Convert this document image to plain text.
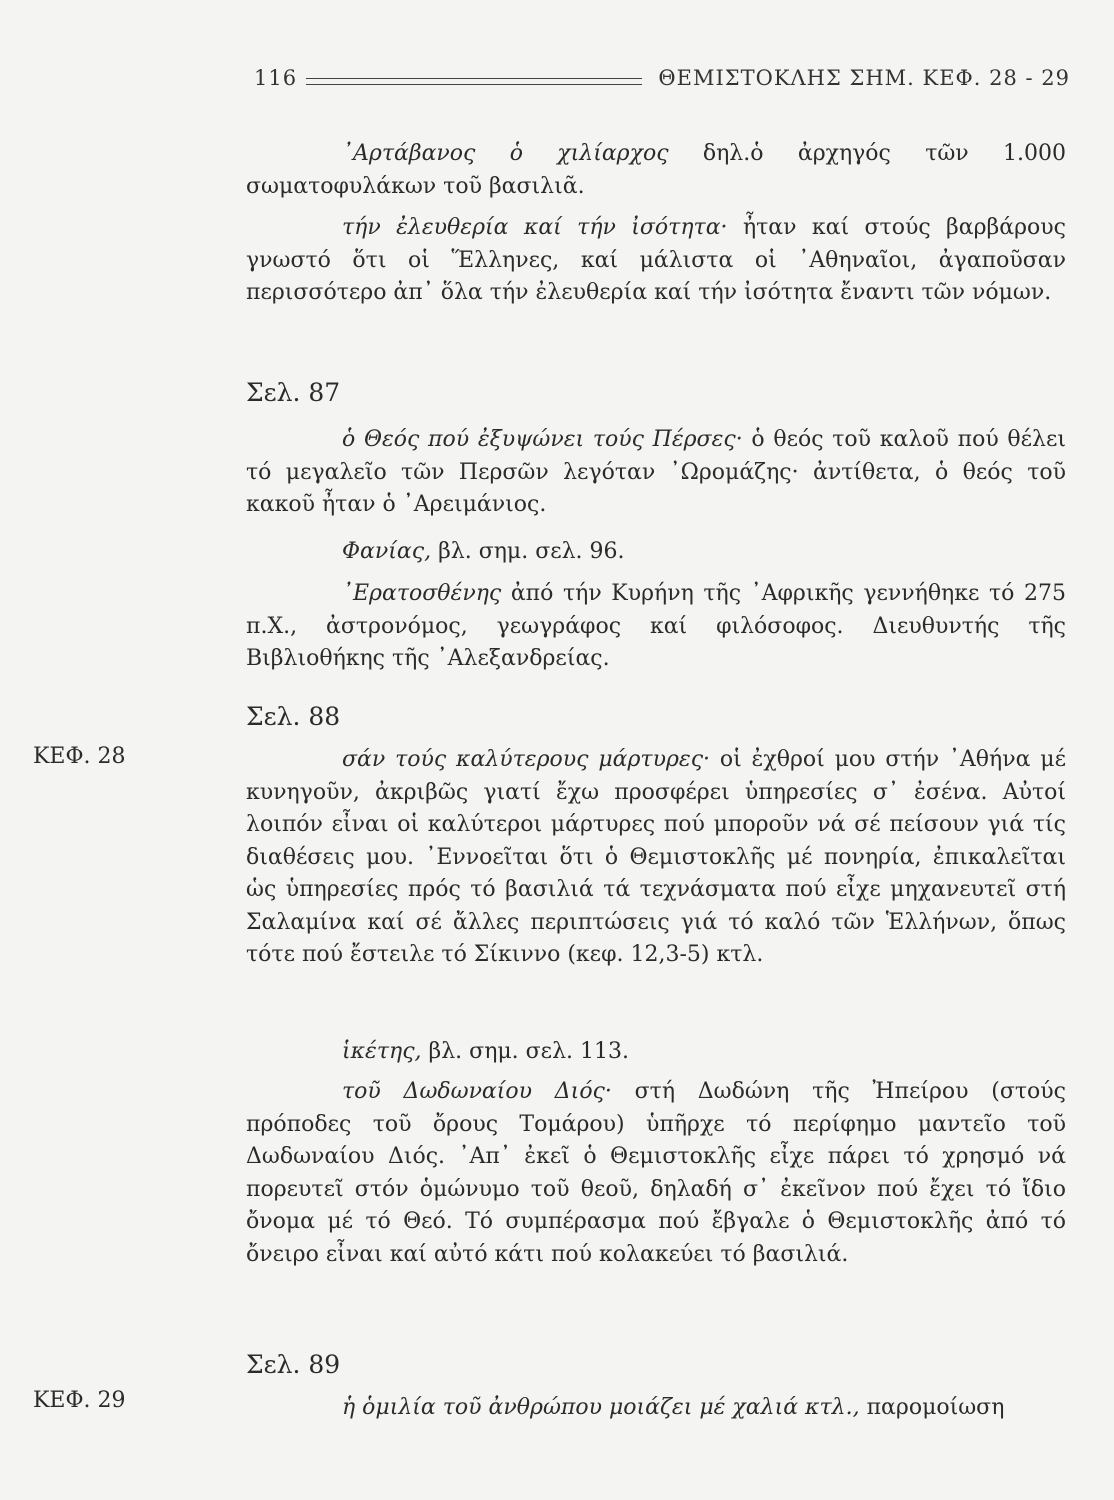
116	ΘΕΜΙΣΤΟΚΛΗΣ ΣΗΜ. ΚΕΦ. 28 - 29

᾿Αρτάβανος ὁ χιλίαρχος δηλ.ὁ ἀρχηγός τῶν 1.000 σωματοφυλάκων τοῦ βασιλιᾶ.

τήν ἐλευθερία καί τήν ἰσότητα· ἦταν καί στούς βαρβάρους γνωστό ὅτι οἱ Ἕλληνες, καί μάλιστα οἱ ᾿Αθηναῖοι, ἀγαποῦσαν περισσότερο ἀπ᾿ ὅλα τήν ἐλευθερία καί τήν ἰσότητα ἔναντι τῶν νόμων.

Σελ. 87

ὁ Θεός πού ἐξυψώνει τούς Πέρσες· ὁ θεός τοῦ καλοῦ πού θέλει τό μεγαλεῖο τῶν Περσῶν λεγόταν ᾿Ωρομάζης· ἀντίθετα, ὁ θεός τοῦ κακοῦ ἦταν ὁ ᾿Αρειμάνιος.

Φανίας, βλ. σημ. σελ. 96.

᾿Ερατοσθένης ἀπό τήν Κυρήνη τῆς ᾿Αφρικῆς γεννήθηκε τό 275 π.Χ., ἀστρονόμος, γεωγράφος καί φιλόσοφος. Διευθυντής τῆς Βιβλιοθήκης τῆς ᾿Αλεξανδρείας.

Σελ. 88

ΚΕΦ. 28	σάν τούς καλύτερους μάρτυρες· οἱ ἐχθροί μου στήν ᾿Αθήνα μέ κυνηγοῦν, ἀκριβῶς γιατί ἔχω προσφέρει ὑπηρεσίες σ᾿ ἐσένα. Αὐτοί λοιπόν εἶναι οἱ καλύτεροι μάρτυρες πού μποροῦν νά σέ πείσουν γιά τίς διαθέσεις μου. ᾿Εννοεῖται ὅτι ὁ Θεμιστοκλῆς μέ πονηρία, ἐπικαλεῖται ὡς ὑπηρεσίες πρός τό βασιλιά τά τεχνάσματα πού εἶχε μηχανευτεῖ στή Σαλαμίνα καί σέ ἄλλες περιπτώσεις γιά τό καλό τῶν Ἑλλήνων, ὅπως τότε πού ἔστειλε τό Σίκιννο (κεφ. 12,3-5) κτλ.

ἱκέτης, βλ. σημ. σελ. 113.

τοῦ Δωδωναίου Διός· στή Δωδώνη τῆς Ἠπείρου (στούς πρόποδες τοῦ ὄρους Τομάρου) ὑπῆρχε τό περίφημο μαντεῖο τοῦ Δωδωναίου Διός. ᾿Απ᾿ ἐκεῖ ὁ Θεμιστοκλῆς εἶχε πάρει τό χρησμό νά πορευτεῖ στόν ὁμώνυμο τοῦ θεοῦ, δηλαδή σ᾿ ἐκεῖνον πού ἔχει τό ἴδιο ὄνομα μέ τό Θεό. Τό συμπέρασμα πού ἔβγαλε ὁ Θεμιστοκλῆς ἀπό τό ὄνειρο εἶναι καί αὐτό κάτι πού κολακεύει τό βασιλιά.

Σελ. 89

ΚΕΦ. 29	ἡ ὁμιλία τοῦ ἀνθρώπου μοιάζει μέ χαλιά κτλ., παρομοίωση
